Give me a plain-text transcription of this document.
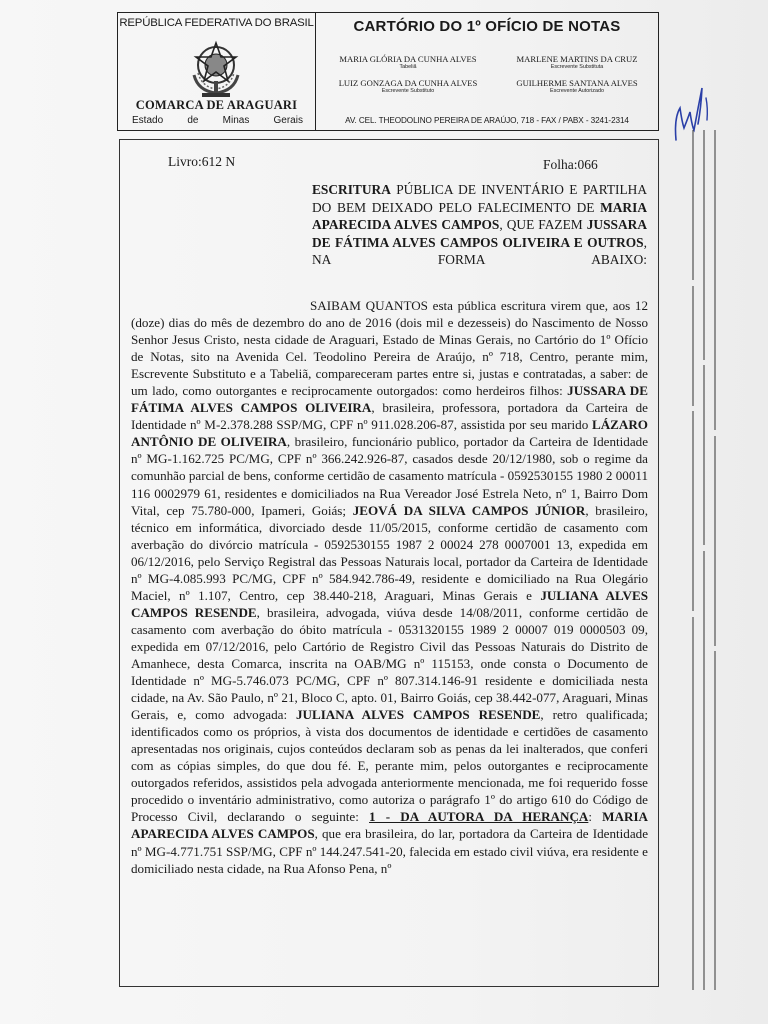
REPÚBLICA FEDERATIVA DO BRASIL
COMARCA DE ARAGUARI
Estado de Minas Gerais
CARTÓRIO DO 1º OFÍCIO DE NOTAS
MARIA GLÓRIA DA CUNHA ALVES
Tabeliã
MARLENE MARTINS DA CRUZ
Escrevente Substituta
LUIZ GONZAGA DA CUNHA ALVES
Escrevente Substituto
GUILHERME SANTANA ALVES
Escrevente Autorizado
AV. CEL. THEODOLINO PEREIRA DE ARAÚJO, 718 - FAX / PABX - 3241-2314
Livro:612 N	Folha:066
ESCRITURA PÚBLICA DE INVENTÁRIO E PARTILHA DO BEM DEIXADO PELO FALECIMENTO DE MARIA APARECIDA ALVES CAMPOS, QUE FAZEM JUSSARA DE FÁTIMA ALVES CAMPOS OLIVEIRA E OUTROS, NA FORMA ABAIXO:

SAIBAM QUANTOS esta pública escritura virem que, aos 12 (doze) dias do mês de dezembro do ano de 2016 (dois mil e dezesseis) do Nascimento de Nosso Senhor Jesus Cristo, nesta cidade de Araguari, Estado de Minas Gerais, no Cartório do 1º Ofício de Notas, sito na Avenida Cel. Teodolino Pereira de Araújo, nº 718, Centro, perante mim, Escrevente Substituto e a Tabeliã, compareceram partes entre si, justas e contratadas, a saber: de um lado, como outorgantes e reciprocamente outorgados: como herdeiros filhos: JUSSARA DE FÁTIMA ALVES CAMPOS OLIVEIRA, brasileira, professora, portadora da Carteira de Identidade nº M-2.378.288 SSP/MG, CPF nº 911.028.206-87, assistida por seu marido LÁZARO ANTÔNIO DE OLIVEIRA, brasileiro, funcionário publico, portador da Carteira de Identidade nº MG-1.162.725 PC/MG, CPF nº 366.242.926-87, casados desde 20/12/1980, sob o regime da comunhão parcial de bens, conforme certidão de casamento matrícula - 0592530155 1980 2 00011 116 0002979 61, residentes e domiciliados na Rua Vereador José Estrela Neto, nº 1, Bairro Dom Vital, cep 75.780-000, Ipameri, Goiás; JEOVÁ DA SILVA CAMPOS JÚNIOR, brasileiro, técnico em informática, divorciado desde 11/05/2015, conforme certidão de casamento com averbação do divórcio matrícula - 0592530155 1987 2 00024 278 0007001 13, expedida em 06/12/2016, pelo Serviço Registral das Pessoas Naturais local, portador da Carteira de Identidade nº MG-4.085.993 PC/MG, CPF nº 584.942.786-49, residente e domiciliado na Rua Olegário Maciel, nº 1.107, Centro, cep 38.440-218, Araguari, Minas Gerais e JULIANA ALVES CAMPOS RESENDE, brasileira, advogada, viúva desde 14/08/2011, conforme certidão de casamento com averbação do óbito matrícula - 0531320155 1989 2 00007 019 0000503 09, expedida em 07/12/2016, pelo Cartório de Registro Civil das Pessoas Naturais do Distrito de Amanhece, desta Comarca, inscrita na OAB/MG nº 115153, onde consta o Documento de Identidade nº MG-5.746.073 PC/MG, CPF nº 807.314.146-91 residente e domiciliada nesta cidade, na Av. São Paulo, nº 21, Bloco C, apto. 01, Bairro Goiás, cep 38.442-077, Araguari, Minas Gerais, e, como advogada: JULIANA ALVES CAMPOS RESENDE, retro qualificada; identificados como os próprios, à vista dos documentos de identidade e certidões de casamento apresentadas nos originais, cujos conteúdos declaram sob as penas da lei inalterados, que conferi com as cópias simples, do que dou fé. E, perante mim, pelos outorgantes e reciprocamente outorgados referidos, assistidos pela advogada anteriormente mencionada, me foi requerido fosse procedido o inventário administrativo, como autoriza o parágrafo 1º do artigo 610 do Código de Processo Civil, declarando o seguinte: 1 - DA AUTORA DA HERANÇA: MARIA APARECIDA ALVES CAMPOS, que era brasileira, do lar, portadora da Carteira de Identidade nº MG-4.771.751 SSP/MG, CPF nº 144.247.541-20, falecida em estado civil viúva, era residente e domiciliado nesta cidade, na Rua Afonso Pena, nº
